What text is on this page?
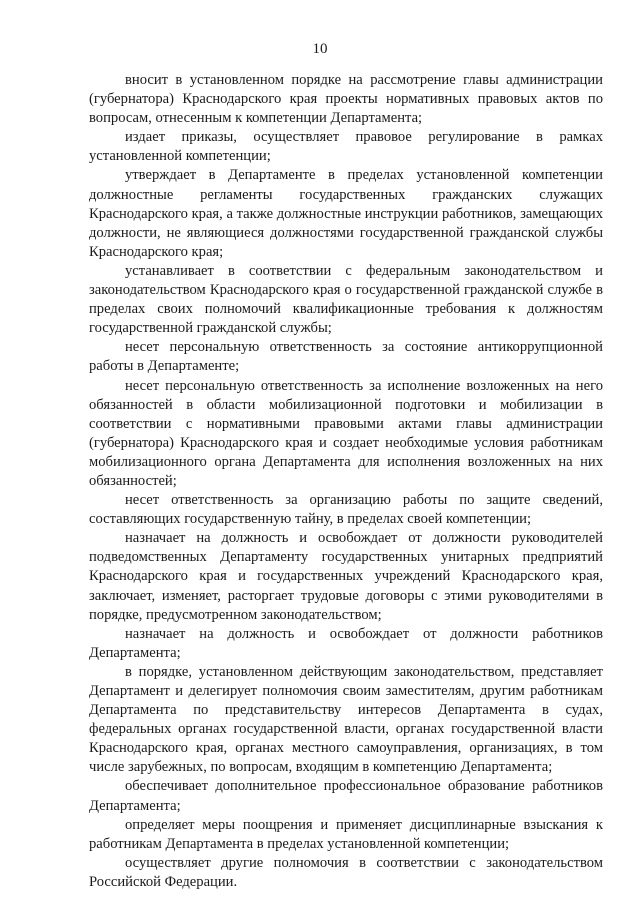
10

вносит в установленном порядке на рассмотрение главы администрации (губернатора) Краснодарского края проекты нормативных правовых актов по вопросам, отнесенным к компетенции Департамента;

издает приказы, осуществляет правовое регулирование в рамках установленной компетенции;

утверждает в Департаменте в пределах установленной компетенции должностные регламенты государственных гражданских служащих Краснодарского края, а также должностные инструкции работников, замещающих должности, не являющиеся должностями государственной гражданской службы Краснодарского края;

устанавливает в соответствии с федеральным законодательством и законодательством Краснодарского края о государственной гражданской службе в пределах своих полномочий квалификационные требования к должностям государственной гражданской службы;

несет персональную ответственность за состояние антикоррупционной работы в Департаменте;

несет персональную ответственность за исполнение возложенных на него обязанностей в области мобилизационной подготовки и мобилизации в соответствии с нормативными правовыми актами главы администрации (губернатора) Краснодарского края и создает необходимые условия работникам мобилизационного органа Департамента для исполнения возложенных на них обязанностей;

несет ответственность за организацию работы по защите сведений, составляющих государственную тайну, в пределах своей компетенции;

назначает на должность и освобождает от должности руководителей подведомственных Департаменту государственных унитарных предприятий Краснодарского края и государственных учреждений Краснодарского края, заключает, изменяет, расторгает трудовые договоры с этими руководителями в порядке, предусмотренном законодательством;

назначает на должность и освобождает от должности работников Департамента;

в порядке, установленном действующим законодательством, представляет Департамент и делегирует полномочия своим заместителям, другим работникам Департамента по представительству интересов Департамента в судах, федеральных органах государственной власти, органах государственной власти Краснодарского края, органах местного самоуправления, организациях, в том числе зарубежных, по вопросам, входящим в компетенцию Департамента;

обеспечивает дополнительное профессиональное образование работников Департамента;

определяет меры поощрения и применяет дисциплинарные взыскания к работникам Департамента в пределах установленной компетенции;

осуществляет другие полномочия в соответствии с законодательством Российской Федерации.
